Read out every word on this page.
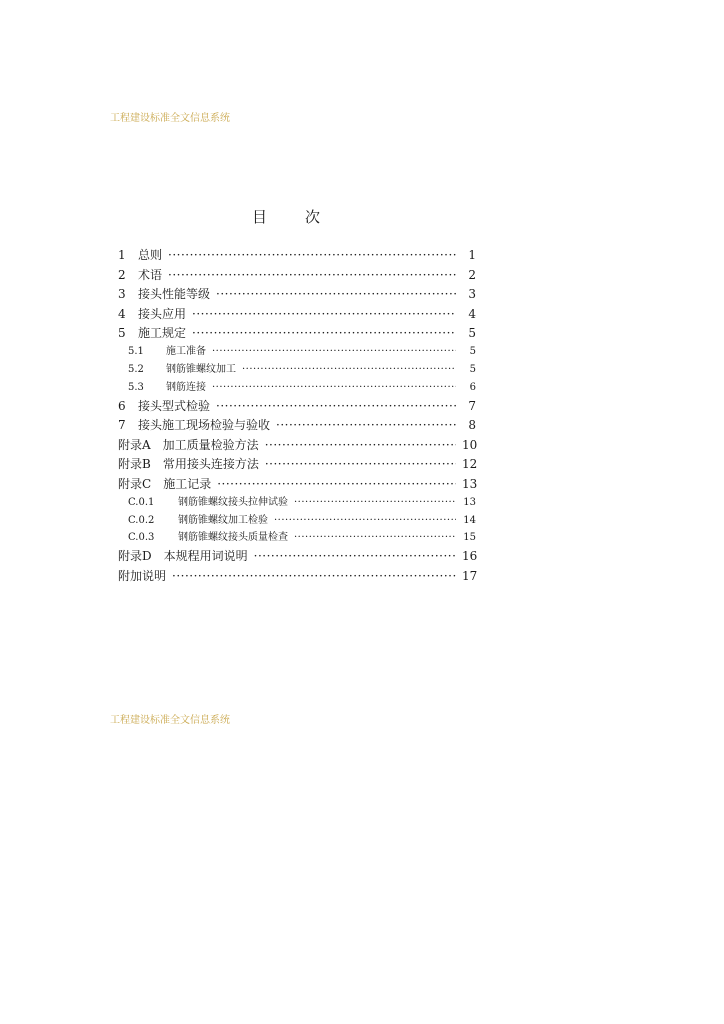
工程建设标准全文信息系统
目	次
1	总则 ·····	1
2	术语 ·····	2
3	接头性能等级 ·····	3
4	接头应用 ·····	4
5	施工规定 ·····	5
5.1	施工准备 ·····	5
5.2	钢筋锥螺纹加工 ·····	5
5.3	钢筋连接 ·····	6
6	接头型式检验 ·····	7
7	接头施工现场检验与验收 ·····	8
附录A 加工质量检验方法 ·····	10
附录B 常用接头连接方法 ·····	12
附录C 施工记录 ·····	13
C.0.1	钢筋锥螺纹接头拉伸试验 ·····	13
C.0.2	钢筋锥螺纹加工检验 ·····	14
C.0.3	钢筋锥螺纹接头质量检查 ·····	15
附录D 本规程用词说明 ·····	16
附加说明 ·····	17
工程建设标准全文信息系统
